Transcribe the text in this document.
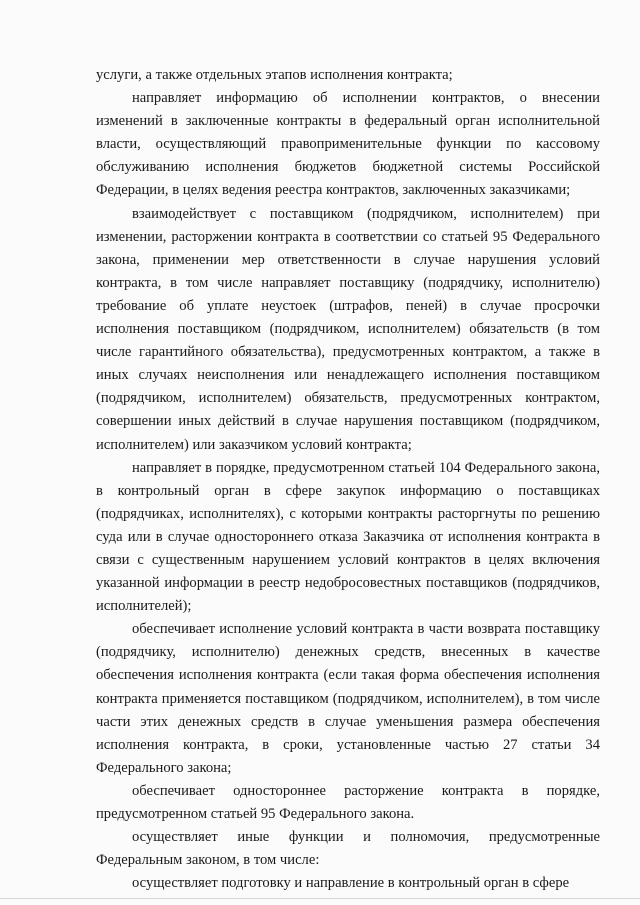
услуги, а также отдельных этапов исполнения контракта;

направляет информацию об исполнении контрактов, о внесении изменений в заключенные контракты в федеральный орган исполнительной власти, осуществляющий правоприменительные функции по кассовому обслуживанию исполнения бюджетов бюджетной системы Российской Федерации, в целях ведения реестра контрактов, заключенных заказчиками;

взаимодействует с поставщиком (подрядчиком, исполнителем) при изменении, расторжении контракта в соответствии со статьей 95 Федерального закона, применении мер ответственности в случае нарушения условий контракта, в том числе направляет поставщику (подрядчику, исполнителю) требование об уплате неустоек (штрафов, пеней) в случае просрочки исполнения поставщиком (подрядчиком, исполнителем) обязательств (в том числе гарантийного обязательства), предусмотренных контрактом, а также в иных случаях неисполнения или ненадлежащего исполнения поставщиком (подрядчиком, исполнителем) обязательств, предусмотренных контрактом, совершении иных действий в случае нарушения поставщиком (подрядчиком, исполнителем) или заказчиком условий контракта;

направляет в порядке, предусмотренном статьей 104 Федерального закона, в контрольный орган в сфере закупок информацию о поставщиках (подрядчиках, исполнителях), с которыми контракты расторгнуты по решению суда или в случае одностороннего отказа Заказчика от исполнения контракта в связи с существенным нарушением условий контрактов в целях включения указанной информации в реестр недобросовестных поставщиков (подрядчиков, исполнителей);

обеспечивает исполнение условий контракта в части возврата поставщику (подрядчику, исполнителю) денежных средств, внесенных в качестве обеспечения исполнения контракта (если такая форма обеспечения исполнения контракта применяется поставщиком (подрядчиком, исполнителем), в том числе части этих денежных средств в случае уменьшения размера обеспечения исполнения контракта, в сроки, установленные частью 27 статьи 34 Федерального закона;

обеспечивает одностороннее расторжение контракта в порядке, предусмотренном статьей 95 Федерального закона.

осуществляет иные функции и полномочия, предусмотренные Федеральным законом, в том числе:

осуществляет подготовку и направление в контрольный орган в сфере
